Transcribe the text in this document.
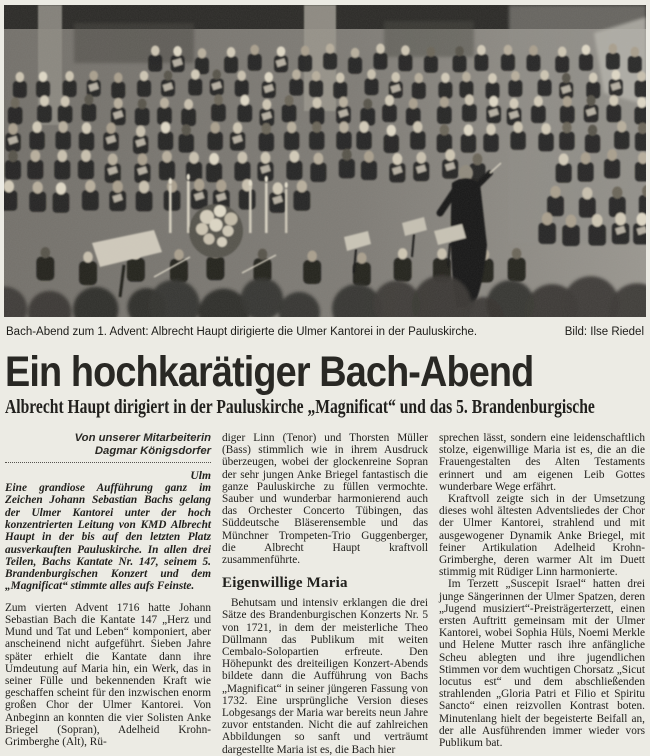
Bach-Abend zum 1. Advent: Albrecht Haupt dirigierte die Ulmer Kantorei in der Pauluskirche.	Bild: Ilse Riedel
Ein hochkarätiger Bach-Abend
Albrecht Haupt dirigiert in der Pauluskirche „Magnificat“ und das 5. Brandenburgische
Von unserer Mitarbeiterin
Dagmar Königsdorfer
Ulm

Eine grandiose Aufführung ganz im Zeichen Johann Sebastian Bachs gelang der Ulmer Kantorei unter der hoch konzentrierten Leitung von KMD Albrecht Haupt in der bis auf den letzten Platz ausverkauften Pauluskirche. In allen drei Teilen, Bachs Kantate Nr. 147, seinem 5. Brandenburgischen Konzert und dem „Magnificat“ stimmte alles aufs Feinste.

Zum vierten Advent 1716 hatte Johann Sebastian Bach die Kantate 147 „Herz und Mund und Tat und Leben“ komponiert, aber anscheinend nicht aufgeführt. Sieben Jahre später erhielt die Kantate dann ihre Umdeutung auf Maria hin, ein Werk, das in seiner Fülle und bekennenden Kraft wie geschaffen scheint für den inzwischen enorm großen Chor der Ulmer Kantorei. Von Anbeginn an konnten die vier Solisten Anke Briegel (Sopran), Adelheid Krohn-Grimberghe (Alt), Rü-

diger Linn (Tenor) und Thorsten Müller (Bass) stimmlich wie in ihrem Ausdruck überzeugen, wobei der glockenreine Sopran der sehr jungen Anke Briegel fantastisch die ganze Pauluskirche zu füllen vermochte. Sauber und wunderbar harmonierend auch das Orchester Concerto Tübingen, das Süddeutsche Bläserensemble und das Münchner Trompeten-Trio Guggenberger, die Albrecht Haupt kraftvoll zusammenführte.

Eigenwillige Maria

Behutsam und intensiv erklangen die drei Sätze des Brandenburgischen Konzerts Nr. 5 von 1721, in dem der meisterliche Theo Düllmann das Publikum mit weiten Cembalo-Solopartien erfreute. Den Höhepunkt des dreiteiligen Konzert-Abends bildete dann die Aufführung von Bachs „Magnificat“ in seiner jüngeren Fassung von 1732. Eine ursprüngliche Version dieses Lobgesangs der Maria war bereits neun Jahre zuvor entstanden. Nicht die auf zahlreichen Abbildungen so sanft und verträumt dargestellte Maria ist es, die Bach hier

sprechen lässt, sondern eine leidenschaftlich stolze, eigenwillige Maria ist es, die an die Frauengestalten des Alten Testaments erinnert und am eigenen Leib Gottes wunderbare Wege erfährt.

Kraftvoll zeigte sich in der Umsetzung dieses wohl ältesten Adventsliedes der Chor der Ulmer Kantorei, strahlend und mit ausgewogener Dynamik Anke Briegel, mit feiner Artikulation Adelheid Krohn-Grimberghe, deren warmer Alt im Duett stimmig mit Rüdiger Linn harmonierte.

Im Terzett „Suscepit Israel“ hatten drei junge Sängerinnen der Ulmer Spatzen, deren „Jugend musiziert“-Preisträgerterzett, einen ersten Auftritt gemeinsam mit der Ulmer Kantorei, wobei Sophia Hüls, Noemi Merkle und Helene Mutter rasch ihre anfängliche Scheu ablegten und ihre jugendlichen Stimmen vor dem wuchtigen Chorsatz „Sicut locutus est“ und dem abschließenden strahlenden „Gloria Patri et Filio et Spiritu Sancto“ einen reizvollen Kontrast boten. Minutenlang hielt der begeisterte Beifall an, der alle Ausführenden immer wieder vors Publikum bat.
